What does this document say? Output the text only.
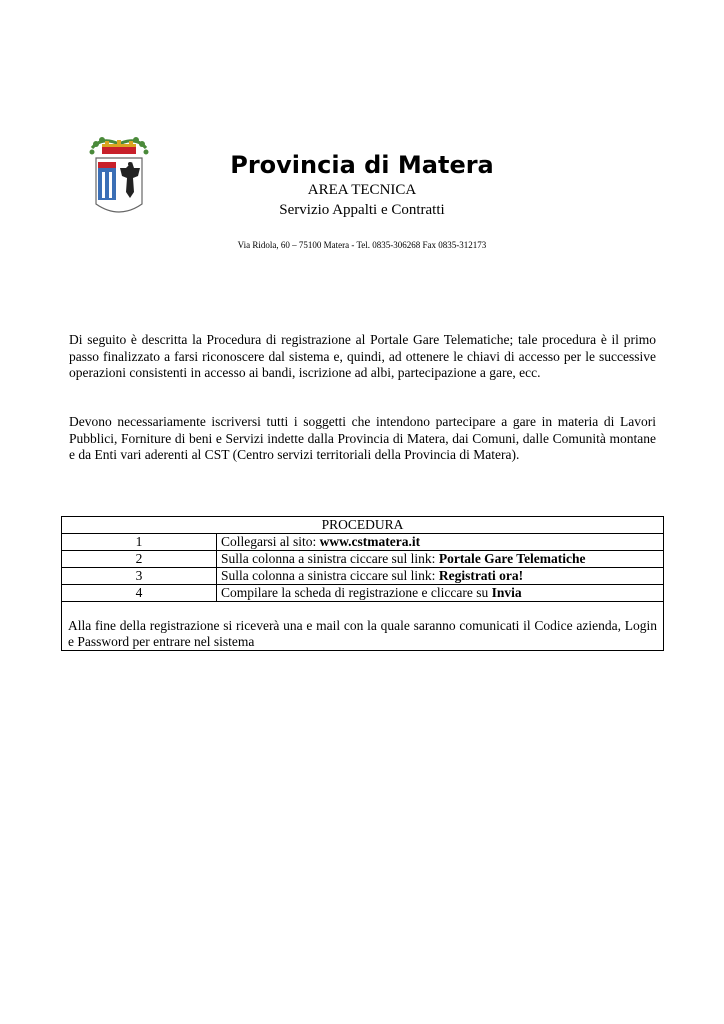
Provincia di Matera
AREA TECNICA
Servizio Appalti e Contratti
Via Ridola, 60 – 75100 Matera - Tel. 0835-306268 Fax 0835-312173
Di seguito è descritta la Procedura di registrazione al Portale Gare Telematiche; tale procedura è il primo passo finalizzato a farsi riconoscere dal sistema e, quindi, ad ottenere le chiavi di accesso per le successive operazioni consistenti in accesso ai bandi, iscrizione ad albi, partecipazione a gare, ecc.
Devono necessariamente iscriversi tutti i soggetti che intendono partecipare a gare in materia di Lavori Pubblici, Forniture di beni e Servizi indette dalla Provincia di Matera, dai Comuni, dalle Comunità montane e da Enti vari aderenti al CST (Centro servizi territoriali della Provincia di Matera).
PROCEDURA	
1	Collegarsi al sito: www.cstmatera.it
2	Sulla colonna a sinistra ciccare sul link: Portale Gare Telematiche
3	Sulla colonna a sinistra ciccare sul link: Registrati ora!
4	Compilare la scheda di registrazione e cliccare su Invia
Alla fine della registrazione si riceverà una e mail con la quale saranno comunicati il Codice azienda, Login e Password per entrare nel sistema	
